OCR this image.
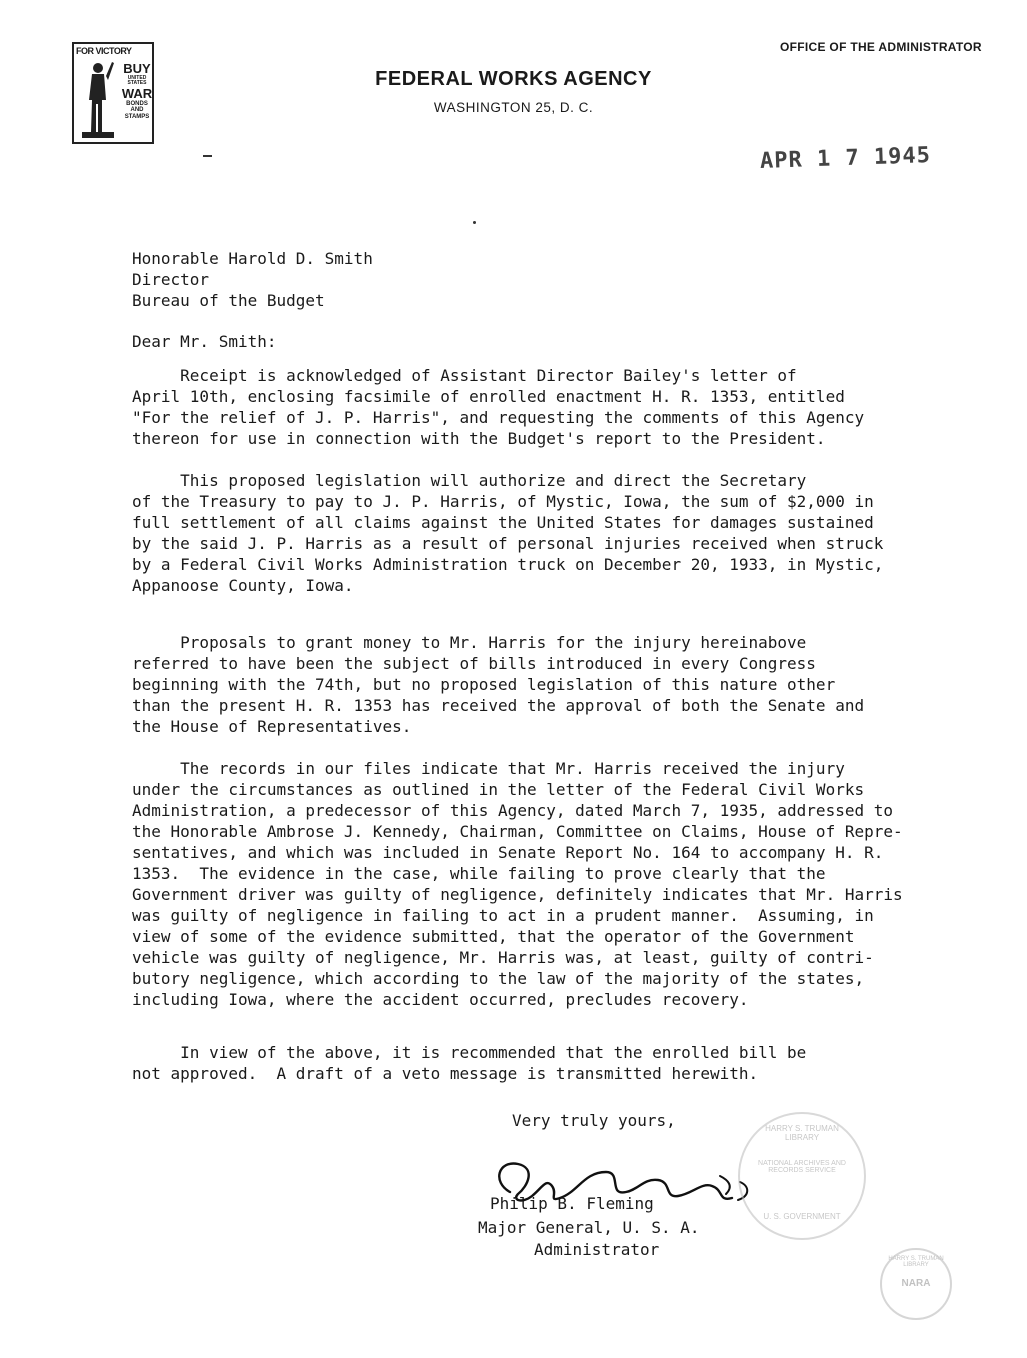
FOR VICTORY
BUY
UNITED STATES
WAR
BONDS AND
STAMPS
FEDERAL WORKS AGENCY
WASHINGTON 25, D. C.
OFFICE OF THE ADMINISTRATOR
APR 1 7 1945
Honorable Harold D. Smith
Director
Bureau of the Budget
Dear Mr. Smith:
Receipt is acknowledged of Assistant Director Bailey's letter of
April 10th, enclosing facsimile of enrolled enactment H. R. 1353, entitled
"For the relief of J. P. Harris", and requesting the comments of this Agency
thereon for use in connection with the Budget's report to the President.
This proposed legislation will authorize and direct the Secretary
of the Treasury to pay to J. P. Harris, of Mystic, Iowa, the sum of $2,000 in
full settlement of all claims against the United States for damages sustained
by the said J. P. Harris as a result of personal injuries received when struck
by a Federal Civil Works Administration truck on December 20, 1933, in Mystic,
Appanoose County, Iowa.
Proposals to grant money to Mr. Harris for the injury hereinabove
referred to have been the subject of bills introduced in every Congress
beginning with the 74th, but no proposed legislation of this nature other
than the present H. R. 1353 has received the approval of both the Senate and
the House of Representatives.
The records in our files indicate that Mr. Harris received the injury
under the circumstances as outlined in the letter of the Federal Civil Works
Administration, a predecessor of this Agency, dated March 7, 1935, addressed to
the Honorable Ambrose J. Kennedy, Chairman, Committee on Claims, House of Repre-
sentatives, and which was included in Senate Report No. 164 to accompany H. R.
1353.  The evidence in the case, while failing to prove clearly that the
Government driver was guilty of negligence, definitely indicates that Mr. Harris
was guilty of negligence in failing to act in a prudent manner.  Assuming, in
view of some of the evidence submitted, that the operator of the Government
vehicle was guilty of negligence, Mr. Harris was, at least, guilty of contri-
butory negligence, which according to the law of the majority of the states,
including Iowa, where the accident occurred, precludes recovery.
In view of the above, it is recommended that the enrolled bill be
not approved.  A draft of a veto message is transmitted herewith.
Very truly yours,
Philip B. Fleming
Major General, U. S. A.
Administrator
HARRY S. TRUMAN LIBRARY
NATIONAL ARCHIVES AND RECORDS SERVICE
U. S. GOVERNMENT
HARRY S. TRUMAN LIBRARY
NARA
